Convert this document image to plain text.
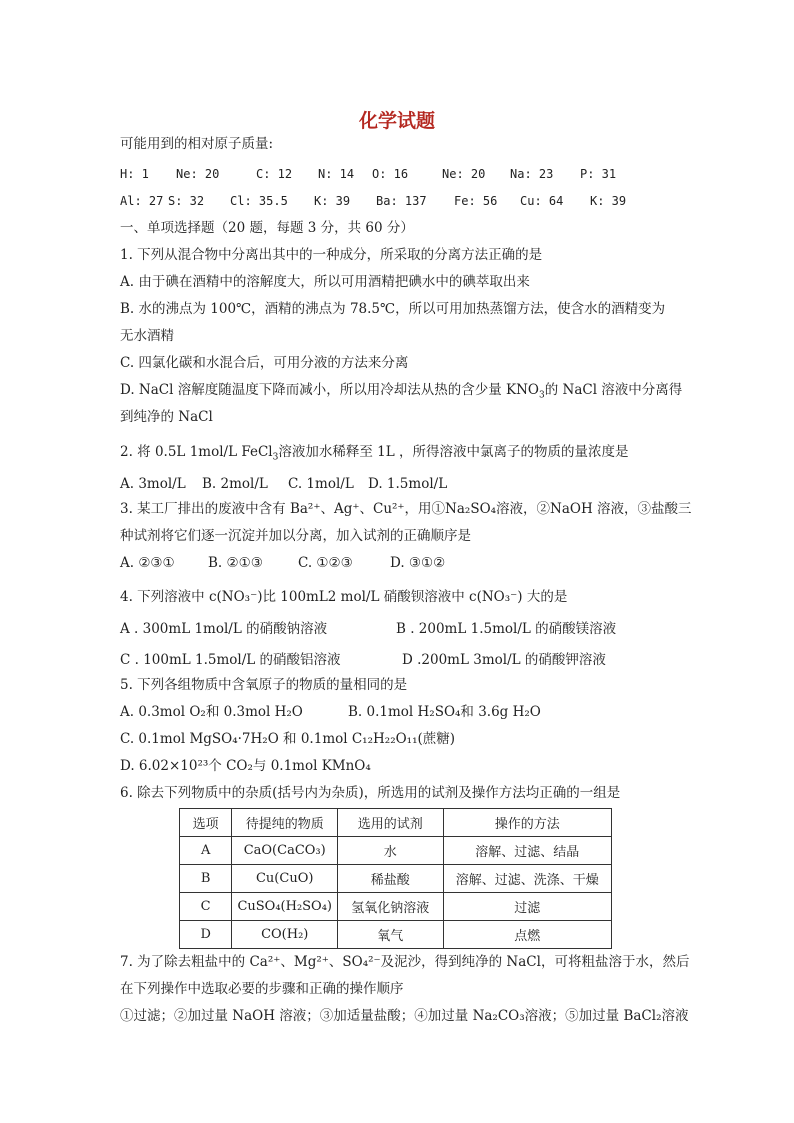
化学试题
可能用到的相对原子质量:
H: 1 Ne: 20	C: 12 N: 14 O: 16	Ne: 20 Na: 23 P: 31
Al: 27 S: 32 Cl: 35.5 K: 39 Ba: 137 Fe: 56 Cu: 64 K: 39
一、单项选择题（20 题，每题 3 分，共 60 分）
1. 下列从混合物中分离出其中的一种成分，所采取的分离方法正确的是
A. 由于碘在酒精中的溶解度大，所以可用酒精把碘水中的碘萃取出来
B. 水的沸点为 100℃，酒精的沸点为 78.5℃，所以可用加热蒸馏方法，使含水的酒精变为
无水酒精
C. 四氯化碳和水混合后，可用分液的方法来分离
D. NaCl 溶解度随温度下降而减小，所以用冷却法从热的含少量 $KNO_3$的 NaCl 溶液中分离得
到纯净的 NaCl
2. 将 0.5L 1mol/L FeCl$_3$溶液加水稀释至 1L ，所得溶液中氯离子的物质的量浓度是
A. 3mol/L B. 2mol/L C. 1mol/L D. 1.5mol/L
3. 某工厂排出的废液中含有 Ba²⁺、Ag⁺、Cu²⁺，用①Na₂SO₄溶液，②NaOH 溶液，③盐酸三
种试剂将它们逐一沉淀并加以分离，加入试剂的正确顺序是
A. ②③① B. ②①③	C. ①②③	D. ③①②
4. 下列溶液中 c(NO₃⁻)比 100mL2 mol/L 硝酸钡溶液中 c(NO₃⁻) 大的是
A . 300mL 1mol/L 的硝酸钠溶液	B . 200mL 1.5mol/L 的硝酸镁溶液
C . 100mL 1.5mol/L 的硝酸铝溶液	D .200mL 3mol/L 的硝酸钾溶液
5. 下列各组物质中含氧原子的物质的量相同的是
A. 0.3mol O₂和 0.3mol H₂O	B. 0.1mol H₂SO₄和 3.6g H₂O
C. 0.1mol MgSO₄·7H₂O 和 0.1mol C₁₂H₂₂O₁₁(蔗糖)
D. 6.02×10²³个 CO₂与 0.1mol KMnO₄
6. 除去下列物质中的杂质(括号内为杂质)，所选用的试剂及操作方法均正确的一组是
选项	待提纯的物质	选用的试剂	操作的方法
A	CaO(CaCO₃)	水	溶解、过滤、结晶
B	Cu(CuO)	稀盐酸	溶解、过滤、洗涤、干燥
C	CuSO₄(H₂SO₄)	氢氧化钠溶液	过滤
D	CO(H₂)	氧气	点燃
7. 为了除去粗盐中的 Ca²⁺、Mg²⁺、SO₄²⁻及泥沙，得到纯净的 NaCl，可将粗盐溶于水，然后
在下列操作中选取必要的步骤和正确的操作顺序
①过滤；②加过量 NaOH 溶液；③加适量盐酸；④加过量 Na₂CO₃溶液；⑤加过量 BaCl₂溶液
